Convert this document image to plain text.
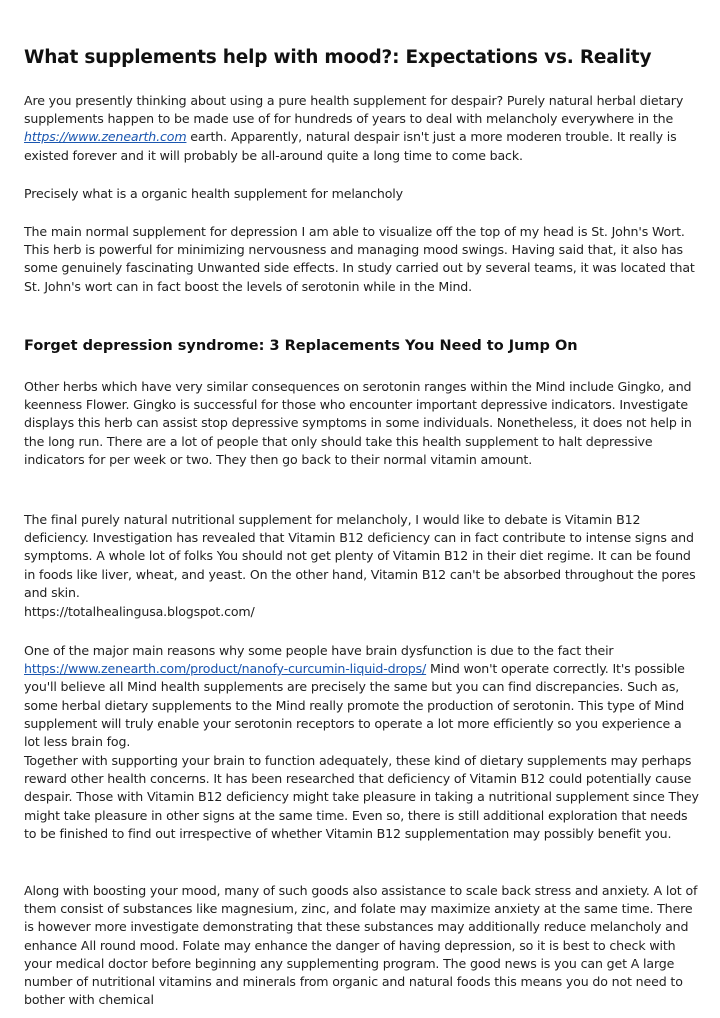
What supplements help with mood?: Expectations vs. Reality

Are you presently thinking about using a pure health supplement for despair? Purely natural herbal dietary supplements happen to be made use of for hundreds of years to deal with melancholy everywhere in the https://www.zenearth.com earth. Apparently, natural despair isn't just a more moderen trouble. It really is existed forever and it will probably be all-around quite a long time to come back.

Precisely what is a organic health supplement for melancholy

The main normal supplement for depression I am able to visualize off the top of my head is St. John's Wort. This herb is powerful for minimizing nervousness and managing mood swings. Having said that, it also has some genuinely fascinating Unwanted side effects. In study carried out by several teams, it was located that St. John's wort can in fact boost the levels of serotonin while in the Mind.

Forget depression syndrome: 3 Replacements You Need to Jump On

Other herbs which have very similar consequences on serotonin ranges within the Mind include Gingko, and keenness Flower. Gingko is successful for those who encounter important depressive indicators. Investigate displays this herb can assist stop depressive symptoms in some individuals. Nonetheless, it does not help in the long run. There are a lot of people that only should take this health supplement to halt depressive indicators for per week or two. They then go back to their normal vitamin amount.

The final purely natural nutritional supplement for melancholy, I would like to debate is Vitamin B12 deficiency. Investigation has revealed that Vitamin B12 deficiency can in fact contribute to intense signs and symptoms. A whole lot of folks You should not get plenty of Vitamin B12 in their diet regime. It can be found in foods like liver, wheat, and yeast. On the other hand, Vitamin B12 can't be absorbed throughout the pores and skin.

https://totalhealingusa.blogspot.com/

One of the major main reasons why some people have brain dysfunction is due to the fact their https://www.zenearth.com/product/nanofy-curcumin-liquid-drops/ Mind won't operate correctly. It's possible you'll believe all Mind health supplements are precisely the same but you can find discrepancies. Such as, some herbal dietary supplements to the Mind really promote the production of serotonin. This type of Mind supplement will truly enable your serotonin receptors to operate a lot more efficiently so you experience a lot less brain fog.

Together with supporting your brain to function adequately, these kind of dietary supplements may perhaps reward other health concerns. It has been researched that deficiency of Vitamin B12 could potentially cause despair. Those with Vitamin B12 deficiency might take pleasure in taking a nutritional supplement since They might take pleasure in other signs at the same time. Even so, there is still additional exploration that needs to be finished to find out irrespective of whether Vitamin B12 supplementation may possibly benefit you.

Along with boosting your mood, many of such goods also assistance to scale back stress and anxiety. A lot of them consist of substances like magnesium, zinc, and folate may maximize anxiety at the same time. There is however more investigate demonstrating that these substances may additionally reduce melancholy and enhance All round mood. Folate may enhance the danger of having depression, so it is best to check with your medical doctor before beginning any supplementing program. The good news is you can get A large number of nutritional vitamins and minerals from organic and natural foods this means you do not need to bother with chemical
